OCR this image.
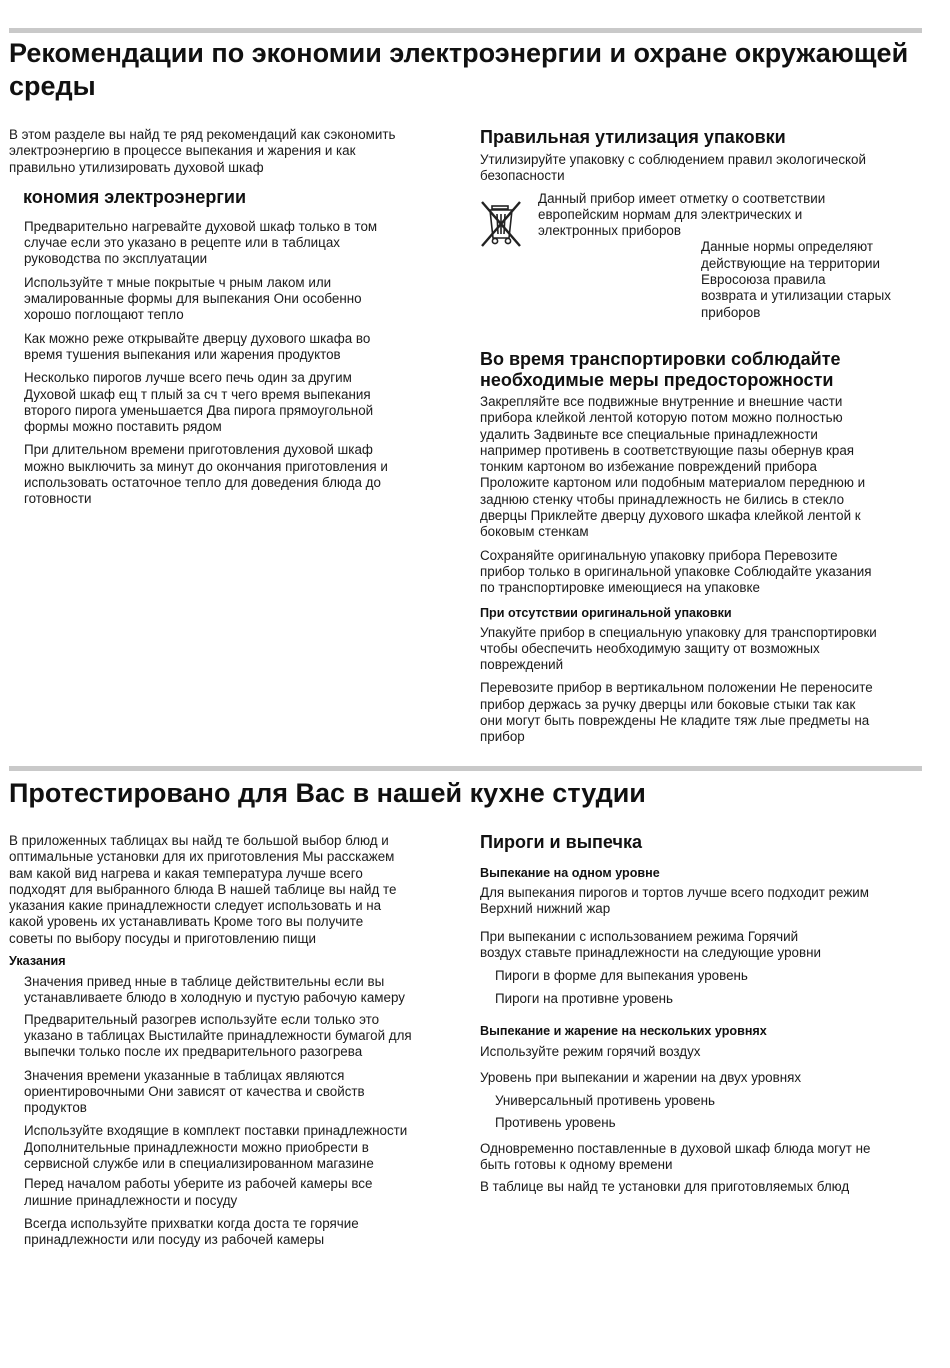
Рекомендации по экономии электроэнергии и охране окружающей среды

В этом разделе вы найд те ряд рекомендаций как сэкономить
электроэнергию в процессе выпекания и жарения и как
правильно утилизировать духовой шкаф

кономия электроэнергии

Предварительно нагревайте духовой шкаф только в том
случае если это указано в рецепте или в таблицах
руководства по эксплуатации

Используйте т мные покрытые ч рным лаком или
эмалированные формы для выпекания Они особенно
хорошо поглощают тепло

Как можно реже открывайте дверцу духового шкафа во
время тушения выпекания или жарения продуктов

Несколько пирогов лучше всего печь один за другим
Духовой шкаф ещ т плый за сч т чего время выпекания
второго пирога уменьшается Два пирога прямоугольной
формы можно поставить рядом

При длительном времени приготовления духовой шкаф
можно выключить за минут до окончания приготовления и
использовать остаточное тепло для доведения блюда до
готовности

Правильная утилизация упаковки

Утилизируйте упаковку с соблюдением правил экологической
безопасности

Данный прибор имеет отметку о соответствии
европейским нормам для электрических и
электронных приборов

Данные нормы определяют
действующие на территории Евросоюза правила
возврата и утилизации старых приборов

Во время транспортировки соблюдайте необходимые меры предосторожности

Закрепляйте все подвижные внутренние и внешние части
прибора клейкой лентой которую потом можно полностью
удалить Задвиньте все специальные принадлежности
например противень в соответствующие пазы обернув края
тонким картоном во избежание повреждений прибора
Проложите картоном или подобным материалом переднюю и
заднюю стенку чтобы принадлежность не бились в стекло
дверцы Приклейте дверцу духового шкафа клейкой лентой к
боковым стенкам

Сохраняйте оригинальную упаковку прибора Перевозите
прибор только в оригинальной упаковке Соблюдайте указания
по транспортировке имеющиеся на упаковке

При отсутствии оригинальной упаковки

Упакуйте прибор в специальную упаковку для транспортировки
чтобы обеспечить необходимую защиту от возможных
повреждений

Перевозите прибор в вертикальном положении Не переносите
прибор держась за ручку дверцы или боковые стыки так как
они могут быть повреждены Не кладите тяж лые предметы на
прибор

Протестировано для Вас в нашей кухне студии

В приложенных таблицах вы найд те большой выбор блюд и
оптимальные установки для их приготовления Мы расскажем
вам какой вид нагрева и какая температура лучше всего
подходят для выбранного блюда В нашей таблице вы найд те
указания какие принадлежности следует использовать и на
какой уровень их устанавливать Кроме того вы получите
советы по выбору посуды и приготовлению пищи

Указания

Значения привед нные в таблице действительны если вы
устанавливаете блюдо в холодную и пустую рабочую камеру

Предварительный разогрев используйте если только это
указано в таблицах Выстилайте принадлежности бумагой для
выпечки только после их предварительного разогрева

Значения времени указанные в таблицах являются
ориентировочными Они зависят от качества и свойств
продуктов

Используйте входящие в комплект поставки принадлежности
Дополнительные принадлежности можно приобрести в
сервисной службе или в специализированном магазине

Перед началом работы уберите из рабочей камеры все
лишние принадлежности и посуду

Всегда используйте прихватки когда доста те горячие
принадлежности или посуду из рабочей камеры

Пироги и выпечка
Выпекание на одном уровне

Для выпекания пирогов и тортов лучше всего подходит режим
Верхний нижний жар

При выпекании с использованием режима Горячий
воздух ставьте принадлежности на следующие уровни

Пироги в форме для выпекания уровень

Пироги на противне уровень

Выпекание и жарение на нескольких уровнях

Используйте режим горячий воздух

Уровень при выпекании и жарении на двух уровнях

Универсальный противень уровень

Противень уровень

Одновременно поставленные в духовой шкаф блюда могут не
быть готовы к одному времени

В таблице вы найд те установки для приготовляемых блюд
